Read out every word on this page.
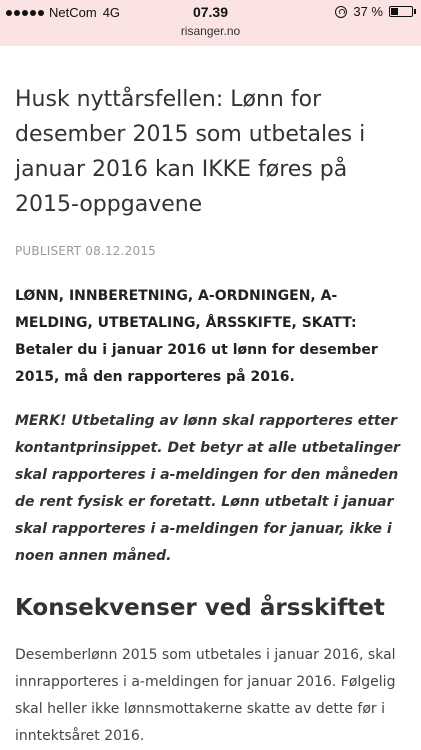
NetCom 4G	07.39	37 %
risanger.no
Husk nyttårsfellen: Lønn for desember 2015 som utbetales i januar 2016 kan IKKE føres på 2015-oppgavene
PUBLISERT 08.12.2015
LØNN, INNBERETNING, A-ORDNINGEN, A-MELDING, UTBETALING, ÅRSSKIFTE, SKATT: Betaler du i januar 2016 ut lønn for desember 2015, må den rapporteres på 2016.
MERK! Utbetaling av lønn skal rapporteres etter kontantprinsippet. Det betyr at alle utbetalinger skal rapporteres i a-meldingen for den måneden de rent fysisk er foretatt. Lønn utbetalt i januar skal rapporteres i a-meldingen for januar, ikke i noen annen måned.
Konsekvenser ved årsskiftet
Desemberlønn 2015 som utbetales i januar 2016, skal innrapporteres i a-meldingen for januar 2016. Følgelig skal heller ikke lønnsmottakerne skatte av dette før i inntektsåret 2016.
